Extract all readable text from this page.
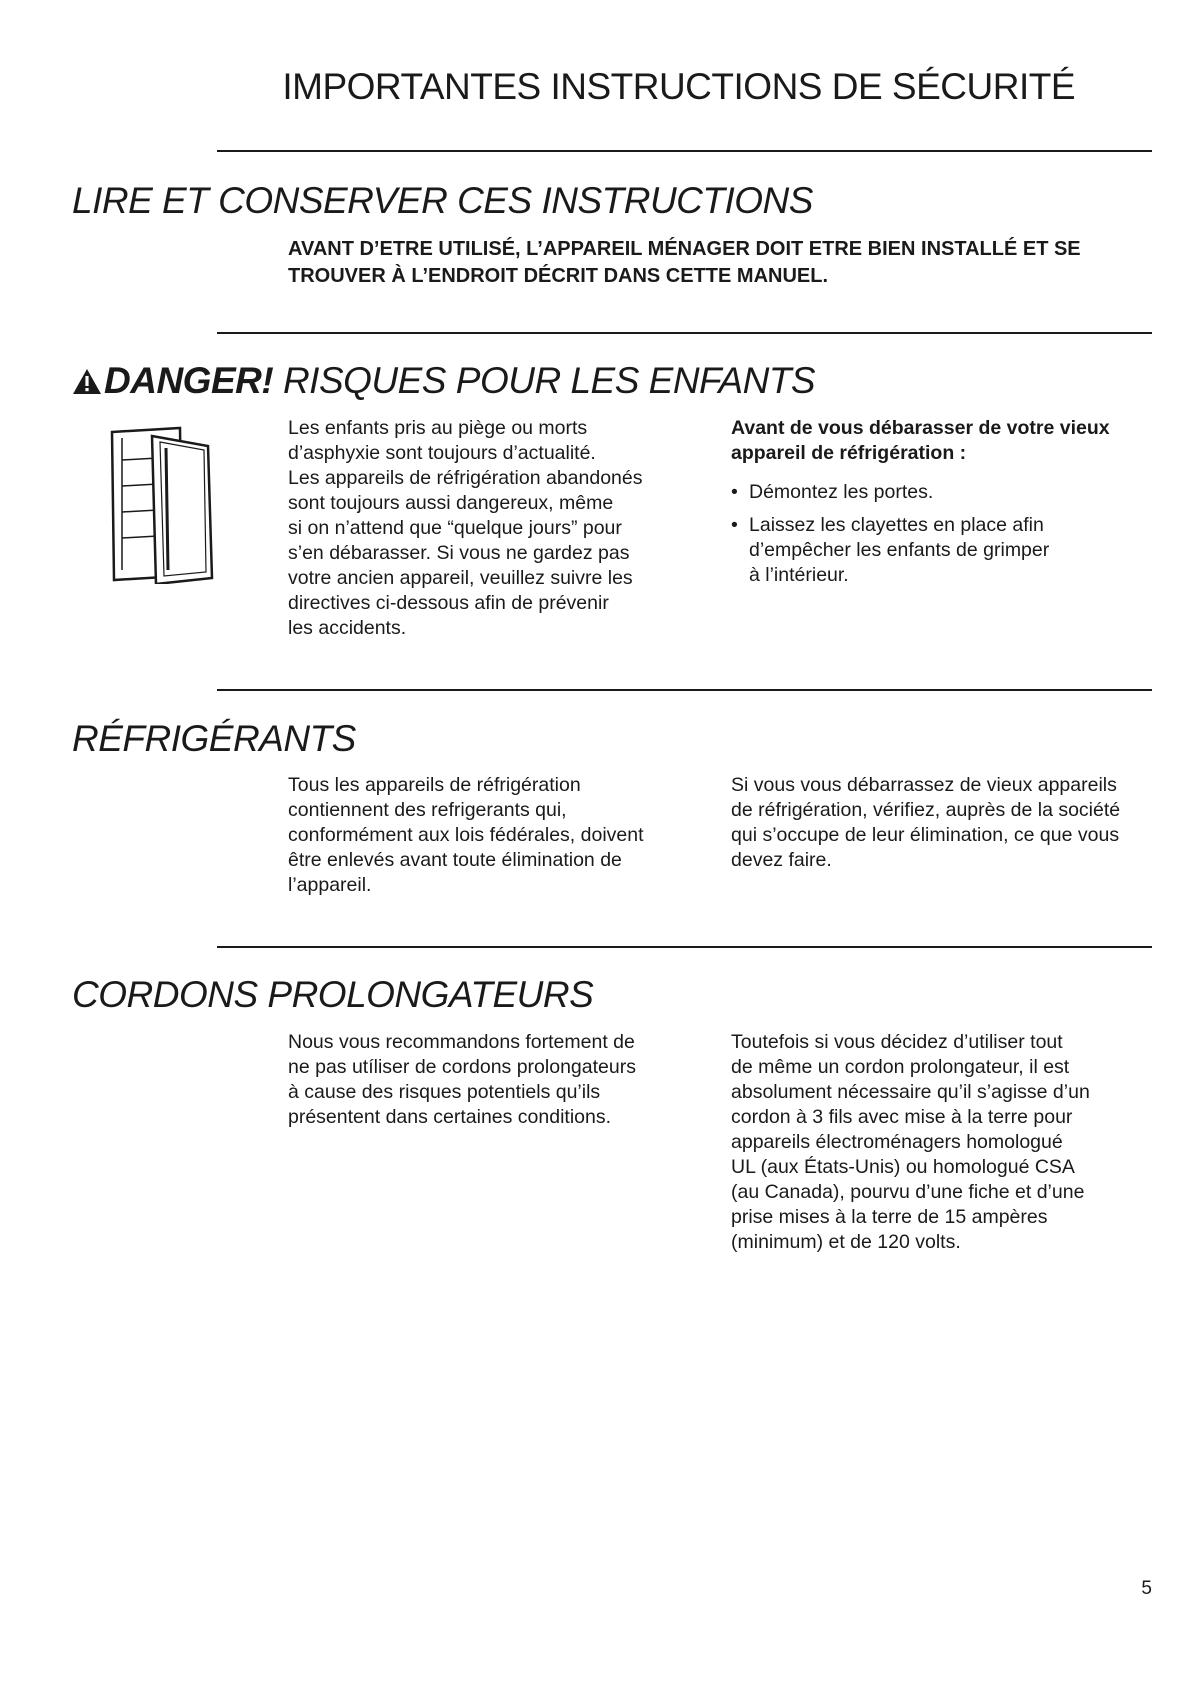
IMPORTANTES INSTRUCTIONS DE SÉCURITÉ
LIRE ET CONSERVER CES INSTRUCTIONS
AVANT D’ETRE UTILISÉ, L’APPAREIL MÉNAGER DOIT ETRE BIEN INSTALLÉ ET SE
TROUVER À L’ENDROIT DÉCRIT DANS CETTE MANUEL.
DANGER! RISQUES POUR LES ENFANTS
Les enfants pris au piège ou morts
d’asphyxie sont toujours d’actualité.
Les appareils de réfrigération abandonés
sont toujours aussi dangereux, même
si on n’attend que “quelque jours” pour
s’en débarasser. Si vous ne gardez pas
votre ancien appareil, veuillez suivre les
directives ci-dessous afin de prévenir
les accidents.
Avant de vous débarasser de votre vieux
appareil de réfrigération :
• Démontez les portes.
• Laissez les clayettes en place afin
d’empêcher les enfants de grimper
à l’intérieur.
RÉFRIGÉRANTS
Tous les appareils de réfrigération
contiennent des refrigerants qui,
conformément aux lois fédérales, doivent
être enlevés avant toute élimination de
l’appareil.
Si vous vous débarrassez de vieux appareils
de réfrigération, vérifiez, auprès de la société
qui s’occupe de leur élimination, ce que vous
devez faire.
CORDONS PROLONGATEURS
Nous vous recommandons fortement de
ne pas utíliser de cordons prolongateurs
à cause des risques potentiels qu’ils
présentent dans certaines conditions.
Toutefois si vous décidez d’utiliser tout
de même un cordon prolongateur, il est
absolument nécessaire qu’il s’agisse d’un
cordon à 3 fils avec mise à la terre pour
appareils électroménagers homologué
UL (aux États-Unis) ou homologué CSA
(au Canada), pourvu d’une fiche et d’une
prise mises à la terre de 15 ampères
(minimum) et de 120 volts.
5
